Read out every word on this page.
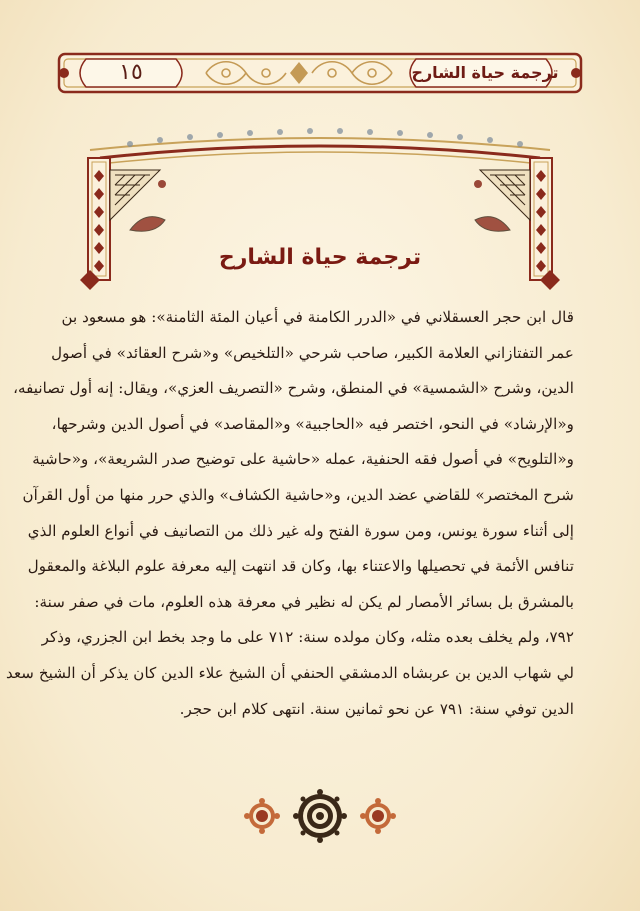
١٥	ترجمة حياة الشارح
ترجمة حياة الشارح
قال ابن حجر العسقلاني في «الدرر الكامنة في أعيان المئة الثامنة»: هو مسعود بن
عمر التفتازاني العلامة الكبير، صاحب شرحي «التلخيص» و«شرح العقائد» في أصول
الدين، وشرح «الشمسية» في المنطق، وشرح «التصريف العزي»، ويقال: إنه أول تصانيفه،
و«الإرشاد» في النحو، اختصر فيه «الحاجبية» و«المقاصد» في أصول الدين وشرحها،
و«التلويح» في أصول فقه الحنفية، عمله «حاشية على توضيح صدر الشريعة»، و«حاشية
شرح المختصر» للقاضي عضد الدين، و«حاشية الكشاف» والذي حرر منها من أول القرآن
إلى أثناء سورة يونس، ومن سورة الفتح وله غير ذلك من التصانيف في أنواع العلوم الذي
تنافس الأئمة في تحصيلها والاعتناء بها، وكان قد انتهت إليه معرفة علوم البلاغة والمعقول
بالمشرق بل بسائر الأمصار لم يكن له نظير في معرفة هذه العلوم، مات في صفر سنة:
٧٩٢، ولم يخلف بعده مثله، وكان مولده سنة: ٧١٢ على ما وجد بخط ابن الجزري، وذكر
لي شهاب الدين بن عربشاه الدمشقي الحنفي أن الشيخ علاء الدين كان يذكر أن الشيخ سعد
الدين توفي سنة: ٧٩١ عن نحو ثمانين سنة. انتهى كلام ابن حجر.
